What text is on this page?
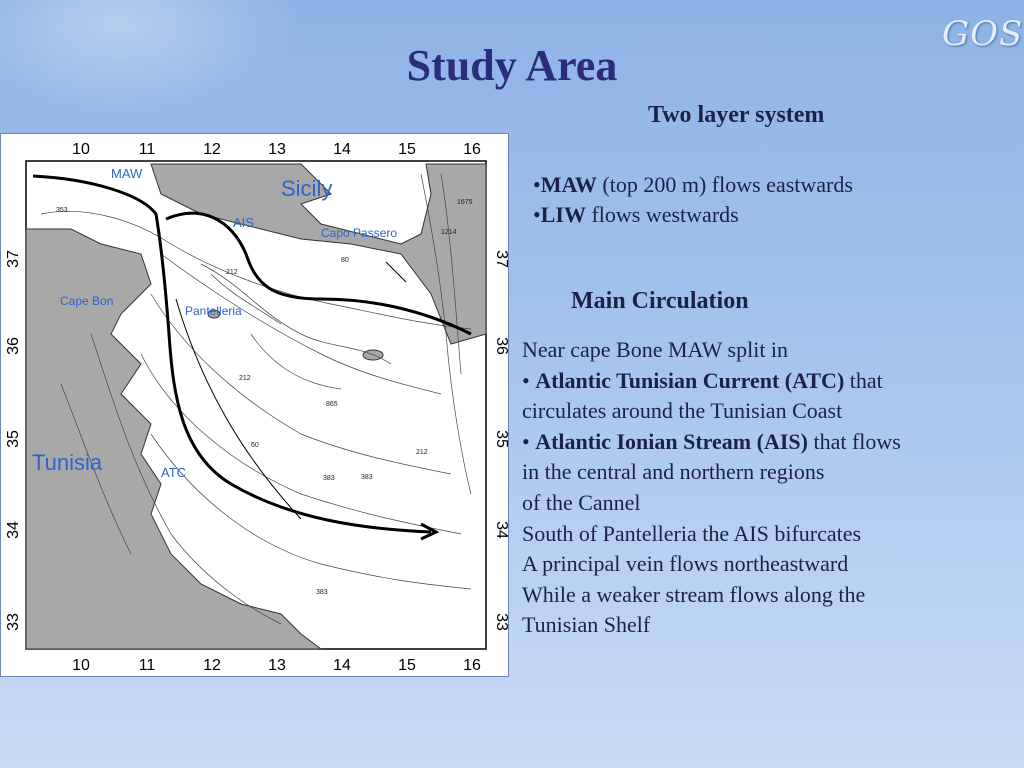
GOS
Study Area
Two layer system
•MAW (top 200 m) flows eastwards
•LIW flows westwards
Main Circulation
Near cape Bone MAW split in
• Atlantic Tunisian Current (ATC) that
circulates around the Tunisian Coast
• Atlantic Ionian Stream (AIS) that flows
in the central and northern regions
of the Cannel
South of Pantelleria the AIS bifurcates
A principal vein flows northeastward
While a weaker stream flows along the
Tunisian Shelf
353
212
80
865
383
60
212
212
383
383
1675
1214
10	11	12	13	14	15	16
10	11	12	13	14	15	16
37
36
35
34
33
37
36
35
34
33
MAW
Sicily
AIS
Capo Passero
Cape Bon
Pantelleria
Tunisia	ATC
